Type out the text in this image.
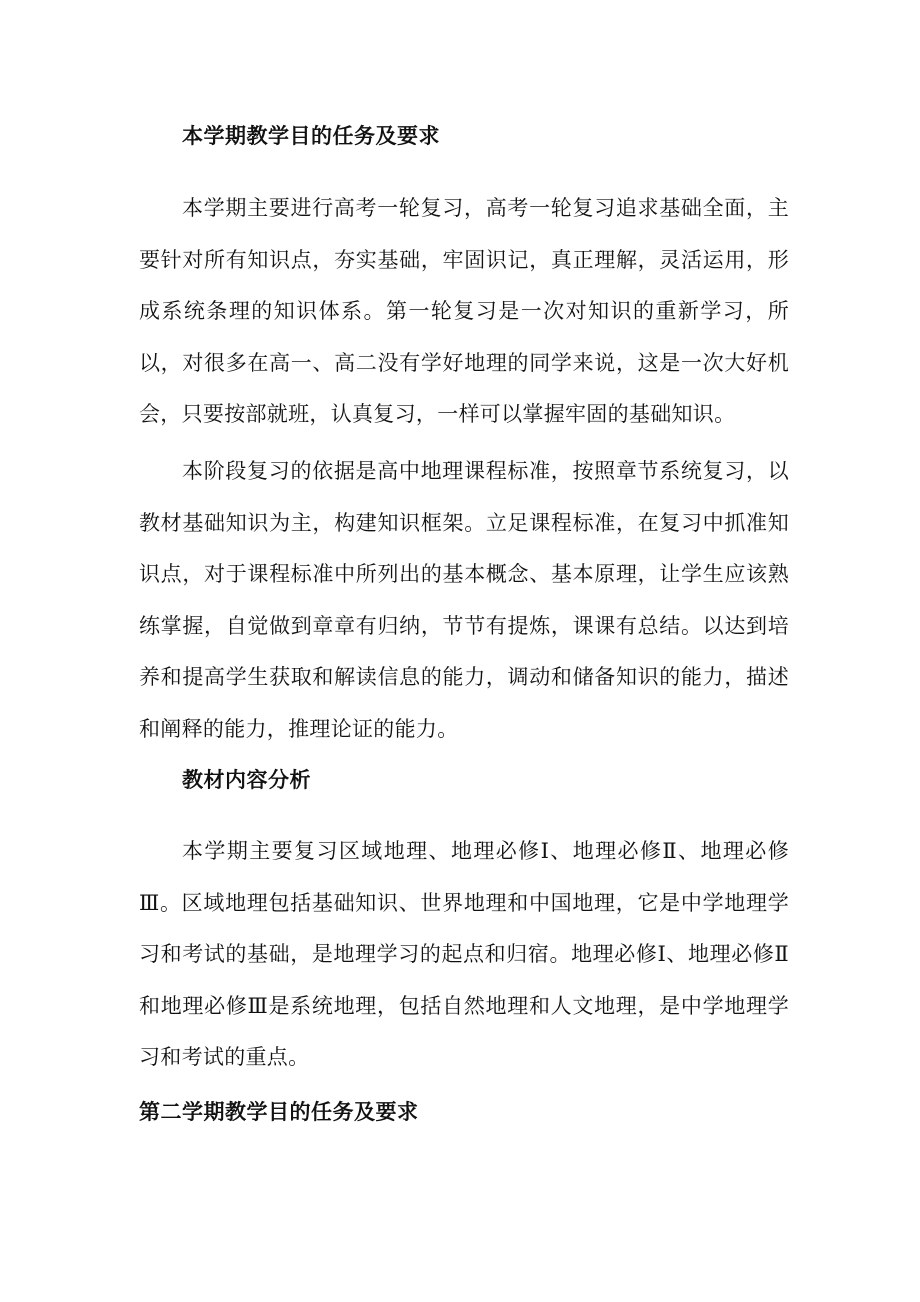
本学期教学目的任务及要求

本学期主要进行高考一轮复习，高考一轮复习追求基础全面，主要针对所有知识点，夯实基础，牢固识记，真正理解，灵活运用，形成系统条理的知识体系。第一轮复习是一次对知识的重新学习，所以，对很多在高一、高二没有学好地理的同学来说，这是一次大好机会，只要按部就班，认真复习，一样可以掌握牢固的基础知识。

本阶段复习的依据是高中地理课程标准，按照章节系统复习，以教材基础知识为主，构建知识框架。立足课程标准，在复习中抓准知识点，对于课程标准中所列出的基本概念、基本原理，让学生应该熟练掌握，自觉做到章章有归纳，节节有提炼，课课有总结。以达到培养和提高学生获取和解读信息的能力，调动和储备知识的能力，描述和阐释的能力，推理论证的能力。

教材内容分析

本学期主要复习区域地理、地理必修Ⅰ、地理必修Ⅱ、地理必修Ⅲ。区域地理包括基础知识、世界地理和中国地理，它是中学地理学习和考试的基础，是地理学习的起点和归宿。地理必修Ⅰ、地理必修Ⅱ和地理必修Ⅲ是系统地理，包括自然地理和人文地理，是中学地理学习和考试的重点。

第二学期教学目的任务及要求
